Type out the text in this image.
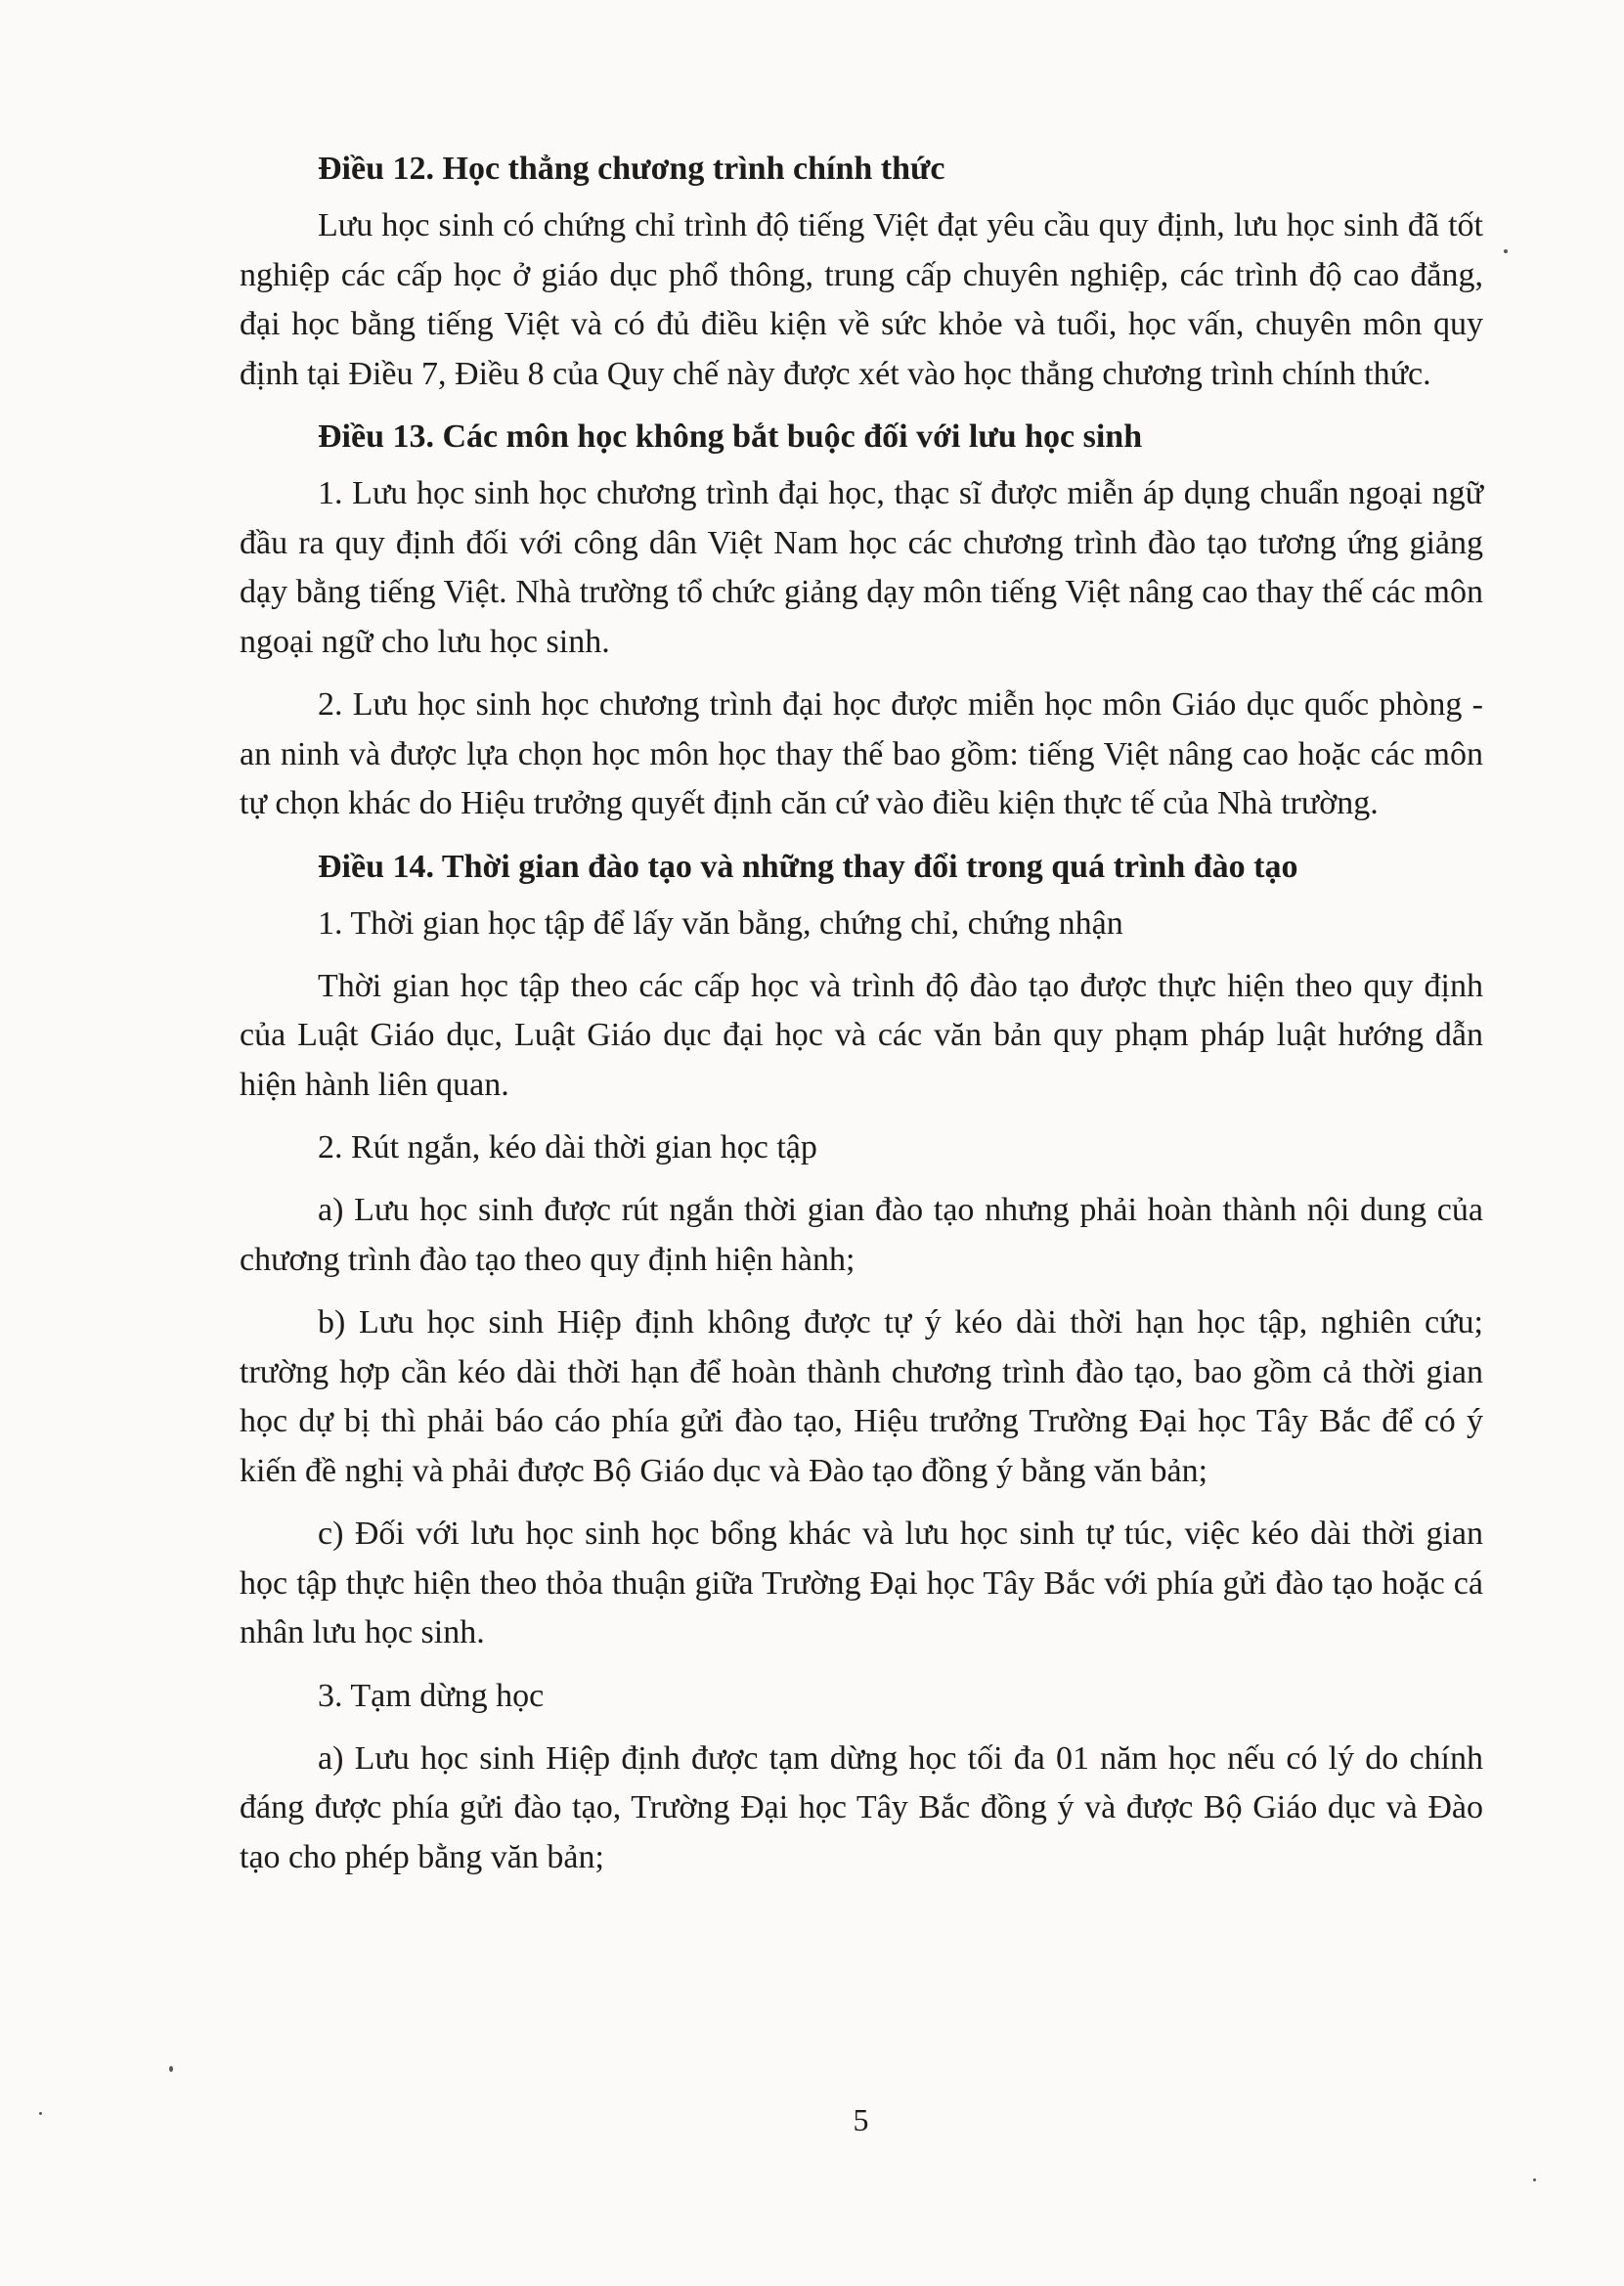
Điều 12. Học thẳng chương trình chính thức

Lưu học sinh có chứng chỉ trình độ tiếng Việt đạt yêu cầu quy định, lưu học sinh đã tốt nghiệp các cấp học ở giáo dục phổ thông, trung cấp chuyên nghiệp, các trình độ cao đẳng, đại học bằng tiếng Việt và có đủ điều kiện về sức khỏe và tuổi, học vấn, chuyên môn quy định tại Điều 7, Điều 8 của Quy chế này được xét vào học thẳng chương trình chính thức.

Điều 13. Các môn học không bắt buộc đối với lưu học sinh

1. Lưu học sinh học chương trình đại học, thạc sĩ được miễn áp dụng chuẩn ngoại ngữ đầu ra quy định đối với công dân Việt Nam học các chương trình đào tạo tương ứng giảng dạy bằng tiếng Việt. Nhà trường tổ chức giảng dạy môn tiếng Việt nâng cao thay thế các môn ngoại ngữ cho lưu học sinh.

2. Lưu học sinh học chương trình đại học được miễn học môn Giáo dục quốc phòng - an ninh và được lựa chọn học môn học thay thế bao gồm: tiếng Việt nâng cao hoặc các môn tự chọn khác do Hiệu trưởng quyết định căn cứ vào điều kiện thực tế của Nhà trường.

Điều 14. Thời gian đào tạo và những thay đổi trong quá trình đào tạo

1. Thời gian học tập để lấy văn bằng, chứng chỉ, chứng nhận

Thời gian học tập theo các cấp học và trình độ đào tạo được thực hiện theo quy định của Luật Giáo dục, Luật Giáo dục đại học và các văn bản quy phạm pháp luật hướng dẫn hiện hành liên quan.

2. Rút ngắn, kéo dài thời gian học tập

a) Lưu học sinh được rút ngắn thời gian đào tạo nhưng phải hoàn thành nội dung của chương trình đào tạo theo quy định hiện hành;

b) Lưu học sinh Hiệp định không được tự ý kéo dài thời hạn học tập, nghiên cứu; trường hợp cần kéo dài thời hạn để hoàn thành chương trình đào tạo, bao gồm cả thời gian học dự bị thì phải báo cáo phía gửi đào tạo, Hiệu trưởng Trường Đại học Tây Bắc để có ý kiến đề nghị và phải được Bộ Giáo dục và Đào tạo đồng ý bằng văn bản;

c) Đối với lưu học sinh học bổng khác và lưu học sinh tự túc, việc kéo dài thời gian học tập thực hiện theo thỏa thuận giữa Trường Đại học Tây Bắc với phía gửi đào tạo hoặc cá nhân lưu học sinh.

3. Tạm dừng học

a) Lưu học sinh Hiệp định được tạm dừng học tối đa 01 năm học nếu có lý do chính đáng được phía gửi đào tạo, Trường Đại học Tây Bắc đồng ý và được Bộ Giáo dục và Đào tạo cho phép bằng văn bản;

5
